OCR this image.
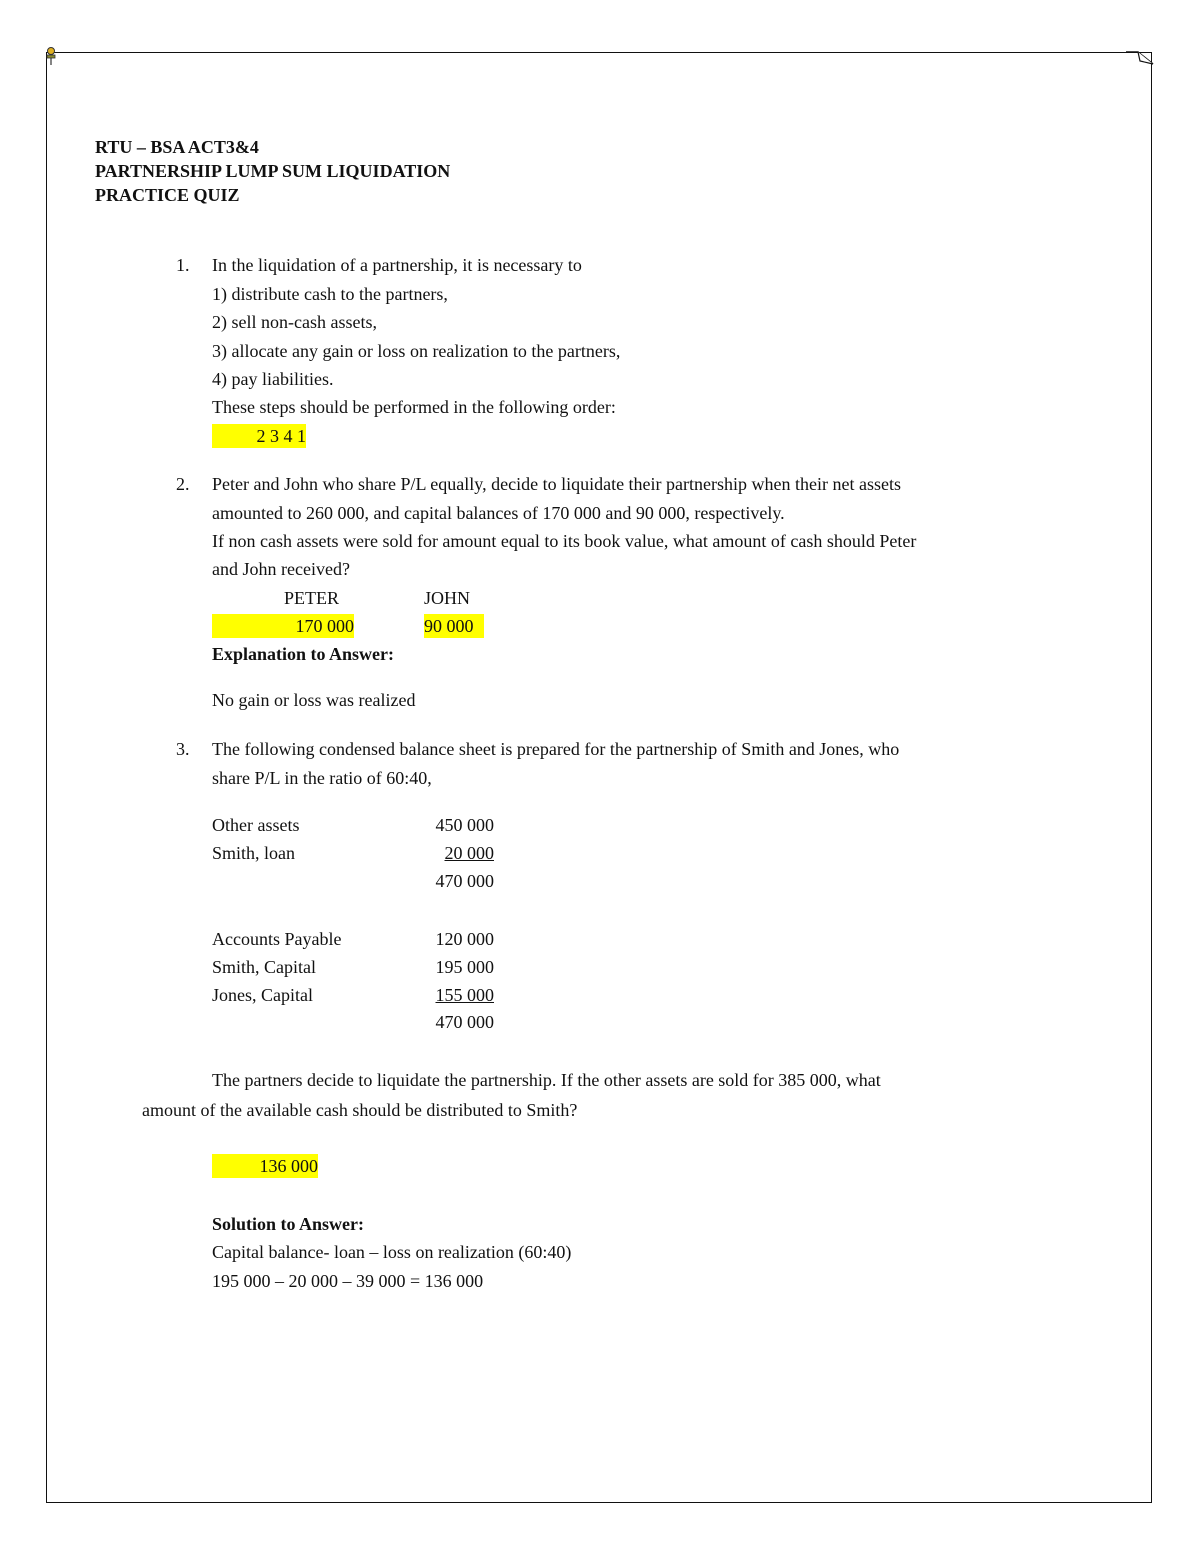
RTU – BSA ACT3&4
PARTNERSHIP LUMP SUM LIQUIDATION
PRACTICE QUIZ
1. In the liquidation of a partnership, it is necessary to
1) distribute cash to the partners,
2) sell non-cash assets,
3) allocate any gain or loss on realization to the partners,
4) pay liabilities.
These steps should be performed in the following order:
2 3 4 1
2. Peter and John who share P/L equally, decide to liquidate their partnership when their net assets
amounted to 260 000, and capital balances of 170 000 and 90 000, respectively.
If non cash assets were sold for amount equal to its book value, what amount of cash should Peter
and John received?
PETER	JOHN
170 000	90 000
Explanation to Answer:
No gain or loss was realized
3. The following condensed balance sheet is prepared for the partnership of Smith and Jones, who
share P/L in the ratio of 60:40,
Other assets	450 000
Smith, loan	20 000
470 000
Accounts Payable	120 000
Smith, Capital	195 000
Jones, Capital	155 000
470 000
The partners decide to liquidate the partnership. If the other assets are sold for 385 000, what
amount of the available cash should be distributed to Smith?
136 000
Solution to Answer:
Capital balance- loan – loss on realization (60:40)
195 000 – 20 000 – 39 000 = 136 000
